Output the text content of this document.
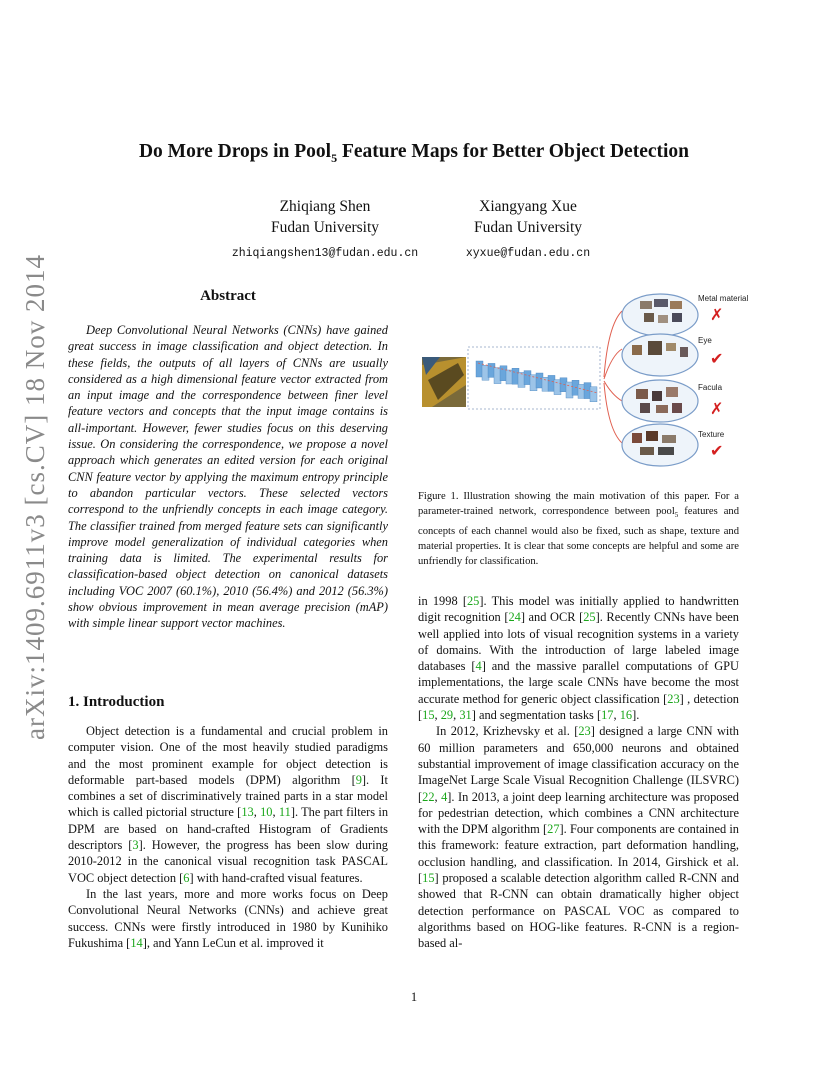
Do More Drops in Pool$_5$ Feature Maps for Better Object Detection
Zhiqiang Shen
Fudan University
zhiqiangshen13@fudan.edu.cn
Xiangyang Xue
Fudan University
xyxue@fudan.edu.cn
arXiv:1409.6911v3 [cs.CV] 18 Nov 2014	Abstract

Deep Convolutional Neural Networks (CNNs) have gained great success in image classification and object detection. In these fields, the outputs of all layers of CNNs are usually considered as a high dimensional feature vector extracted from an input image and the correspondence between finer level feature vectors and concepts that the input image contains is all-important. However, fewer studies focus on this deserving issue. On considering the correspondence, we propose a novel approach which generates an edited version for each original CNN feature vector by applying the maximum entropy principle to abandon particular vectors. These selected vectors correspond to the unfriendly concepts in each image category. The classifier trained from merged feature sets can significantly improve model generalization of individual categories when training data is limited. The experimental results for classification-based object detection on canonical datasets including VOC 2007 (60.1%), 2010 (56.4%) and 2012 (56.3%) show obvious improvement in mean average precision (mAP) with simple linear support vector machines.

1. Introduction

Object detection is a fundamental and crucial problem in computer vision. One of the most heavily studied paradigms and the most prominent example for object detection is deformable part-based models (DPM) algorithm [9]. It combines a set of discriminatively trained parts in a star model which is called pictorial structure [13, 10, 11]. The part filters in DPM are based on hand-crafted Histogram of Gradients descriptors [3]. However, the progress has been slow during 2010-2012 in the canonical visual recognition task PASCAL VOC object detection [6] with hand-crafted visual features.

In the last years, more and more works focus on Deep Convolutional Neural Networks (CNNs) and achieve great success. CNNs were firstly introduced in 1980 by Kunihiko Fukushima [14], and Yann LeCun et al. improved it

Metal material
✗
Eye
✔
Facula
✗
Texture
✔
Figure 1. Illustration showing the main motivation of this paper. For a parameter-trained network, correspondence between pool$_5$ features and concepts of each channel would also be fixed, such as shape, texture and material properties. It is clear that some concepts are helpful and some are unfriendly for classification.

in 1998 [25]. This model was initially applied to handwritten digit recognition [24] and OCR [25]. Recently CNNs have been well applied into lots of visual recognition systems in a variety of domains. With the introduction of large labeled image databases [4] and the massive parallel computations of GPU implementations, the large scale CNNs have become the most accurate method for generic object classification [23] , detection [15, 29, 31] and segmentation tasks [17, 16].

In 2012, Krizhevsky et al. [23] designed a large CNN with 60 million parameters and 650,000 neurons and obtained substantial improvement of image classification accuracy on the ImageNet Large Scale Visual Recognition Challenge (ILSVRC) [22, 4]. In 2013, a joint deep learning architecture was proposed for pedestrian detection, which combines a CNN architecture with the DPM algorithm [27]. Four components are contained in this framework: feature extraction, part deformation handling, occlusion handling, and classification. In 2014, Girshick et al. [15] proposed a scalable detection algorithm called R-CNN and showed that R-CNN can obtain dramatically higher object detection performance on PASCAL VOC as compared to algorithms based on HOG-like features. R-CNN is a region-based al-

1
